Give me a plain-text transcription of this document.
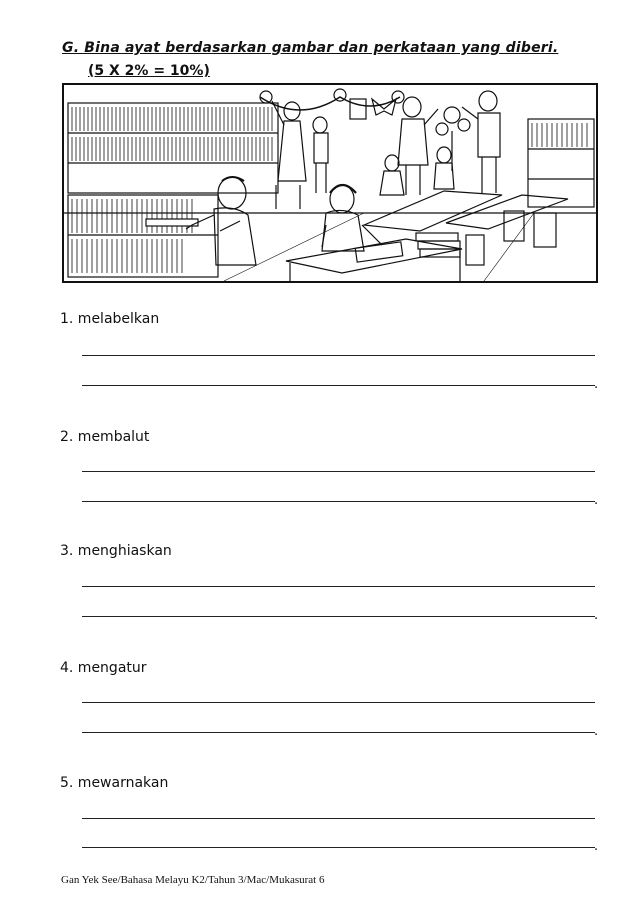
G. Bina ayat berdasarkan gambar dan perkataan yang diberi.
(5 X 2% = 10%)
1. melabelkan
.
2. membalut
.
3. menghiaskan
.
4. mengatur
.
5. mewarnakan
.
Gan Yek See/Bahasa Melayu K2/Tahun 3/Mac/Mukasurat 6
